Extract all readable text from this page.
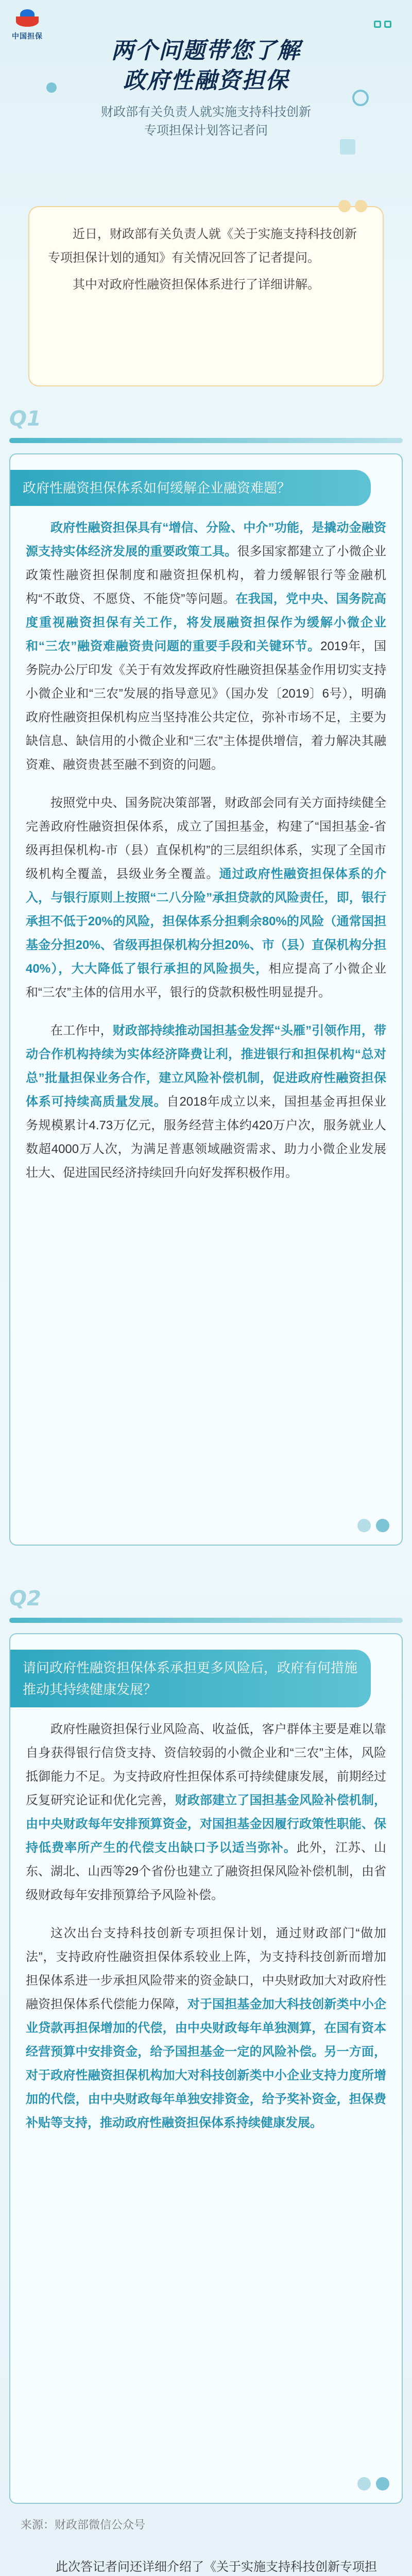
中国担保
两个问题带您了解
政府性融资担保
财政部有关负责人就实施支持科技创新
专项担保计划答记者问

近日，财政部有关负责人就《关于实施支持科技创新专项担保计划的通知》有关情况回答了记者提问。

其中对政府性融资担保体系进行了详细讲解。

Q1
政府性融资担保体系如何缓解企业融资难题？

政府性融资担保具有“增信、分险、中介”功能，是撬动金融资源支持实体经济发展的重要政策工具。很多国家都建立了小微企业政策性融资担保制度和融资担保机构，着力缓解银行等金融机构“不敢贷、不愿贷、不能贷”等问题。在我国，党中央、国务院高度重视融资担保有关工作，将发展融资担保作为缓解小微企业和“三农”融资难融资贵问题的重要手段和关键环节。2019年，国务院办公厅印发《关于有效发挥政府性融资担保基金作用切实支持小微企业和“三农”发展的指导意见》（国办发〔2019〕6号），明确政府性融资担保机构应当坚持准公共定位，弥补市场不足，主要为缺信息、缺信用的小微企业和“三农”主体提供增信，着力解决其融资难、融资贵甚至融不到资的问题。

按照党中央、国务院决策部署，财政部会同有关方面持续健全完善政府性融资担保体系，成立了国担基金，构建了“国担基金-省级再担保机构-市（县）直保机构”的三层组织体系，实现了全国市级机构全覆盖，县级业务全覆盖。通过政府性融资担保体系的介入，与银行原则上按照“二八分险”承担贷款的风险责任，即，银行承担不低于20%的风险，担保体系分担剩余80%的风险（通常国担基金分担20%、省级再担保机构分担20%、市（县）直保机构分担40%），大大降低了银行承担的风险损失，相应提高了小微企业和“三农”主体的信用水平，银行的贷款积极性明显提升。

在工作中，财政部持续推动国担基金发挥“头雁”引领作用，带动合作机构持续为实体经济降费让利，推进银行和担保机构“总对总”批量担保业务合作，建立风险补偿机制，促进政府性融资担保体系可持续高质量发展。自2018年成立以来，国担基金再担保业务规模累计4.73万亿元，服务经营主体约420万户次，服务就业人数超4000万人次，为满足普惠领域融资需求、助力小微企业发展壮大、促进国民经济持续回升向好发挥积极作用。

Q2
请问政府性融资担保体系承担更多风险后，政府有何措施推动其持续健康发展？

政府性融资担保行业风险高、收益低，客户群体主要是难以靠自身获得银行信贷支持、资信较弱的小微企业和“三农”主体，风险抵御能力不足。为支持政府性担保体系可持续健康发展，前期经过反复研究论证和优化完善，财政部建立了国担基金风险补偿机制，由中央财政每年安排预算资金，对国担基金因履行政策性职能、保持低费率所产生的代偿支出缺口予以适当弥补。此外，江苏、山东、湖北、山西等29个省份也建立了融资担保风险补偿机制，由省级财政每年安排预算给予风险补偿。

这次出台支持科技创新专项担保计划，通过财政部门“做加法”，支持政府性融资担保体系较业上阵，为支持科技创新而增加担保体系进一步承担风险带来的资金缺口，中央财政加大对政府性融资担保体系代偿能力保障，对于国担基金加大科技创新类中小企业贷款再担保增加的代偿，由中央财政每年单独测算，在国有资本经营预算中安排资金，给予国担基金一定的风险补偿。另一方面，对于政府性融资担保机构加大对科技创新类中小企业支持力度所增加的代偿，由中央财政每年单独安排资金，给予奖补资金，担保费补贴等支持，推动政府性融资担保体系持续健康发展。

来源：财政部微信公众号

此次答记者问还详细介绍了《关于实施支持科技创新专项担
